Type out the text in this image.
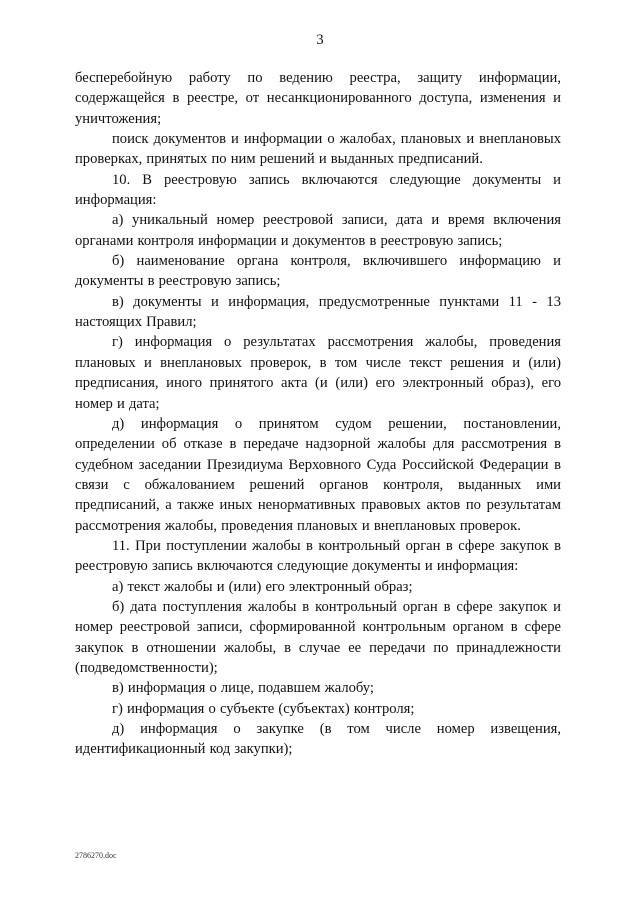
3

бесперебойную работу по ведению реестра, защиту информации, содержащейся в реестре, от несанкционированного доступа, изменения и уничтожения;

поиск документов и информации о жалобах, плановых и внеплановых проверках, принятых по ним решений и выданных предписаний.

10. В реестровую запись включаются следующие документы и информация:

а) уникальный номер реестровой записи, дата и время включения органами контроля информации и документов в реестровую запись;

б) наименование органа контроля, включившего информацию и документы в реестровую запись;

в) документы и информация, предусмотренные пунктами 11 - 13 настоящих Правил;

г) информация о результатах рассмотрения жалобы, проведения плановых и внеплановых проверок, в том числе текст решения и (или) предписания, иного принятого акта (и (или) его электронный образ), его номер и дата;

д) информация о принятом судом решении, постановлении, определении об отказе в передаче надзорной жалобы для рассмотрения в судебном заседании Президиума Верховного Суда Российской Федерации в связи с обжалованием решений органов контроля, выданных ими предписаний, а также иных ненормативных правовых актов по результатам рассмотрения жалобы, проведения плановых и внеплановых проверок.

11. При поступлении жалобы в контрольный орган в сфере закупок в реестровую запись включаются следующие документы и информация:

а) текст жалобы и (или) его электронный образ;

б) дата поступления жалобы в контрольный орган в сфере закупок и номер реестровой записи, сформированной контрольным органом в сфере закупок в отношении жалобы, в случае ее передачи по принадлежности (подведомственности);

в) информация о лице, подавшем жалобу;

г) информация о субъекте (субъектах) контроля;

д) информация о закупке (в том числе номер извещения, идентификационный код закупки);

2786270.doc
